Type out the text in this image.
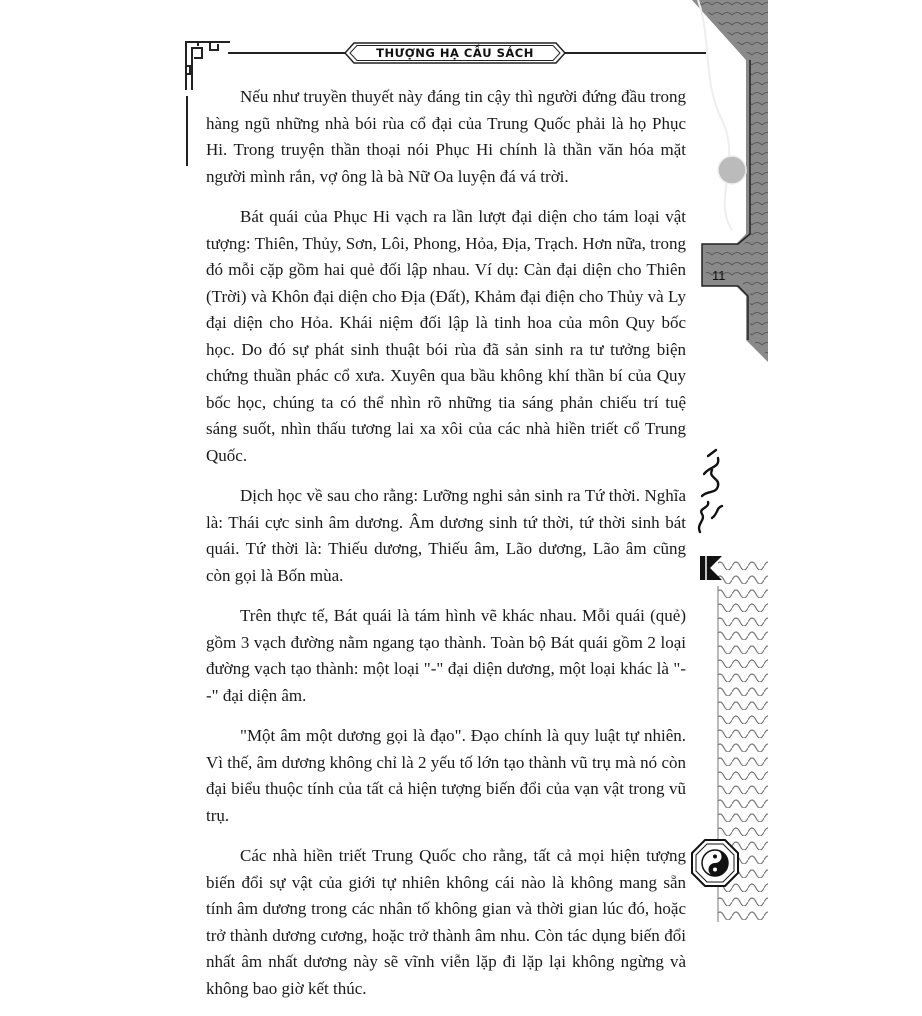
THƯỢNG HẠ CẦU SÁCH

Nếu như truyền thuyết này đáng tin cậy thì người đứng đầu trong hàng ngũ những nhà bói rùa cổ đại của Trung Quốc phải là họ Phục Hi. Trong truyện thần thoại nói Phục Hi chính là thần văn hóa mặt người mình rắn, vợ ông là bà Nữ Oa luyện đá vá trời.

Bát quái của Phục Hi vạch ra lần lượt đại diện cho tám loại vật tượng: Thiên, Thủy, Sơn, Lôi, Phong, Hỏa, Địa, Trạch. Hơn nữa, trong đó mỗi cặp gồm hai quẻ đối lập nhau. Ví dụ: Càn đại diện cho Thiên (Trời) và Khôn đại diện cho Địa (Đất), Khảm đại điện cho Thủy và Ly đại diện cho Hỏa. Khái niệm đối lập là tinh hoa của môn Quy bốc học. Do đó sự phát sinh thuật bói rùa đã sản sinh ra tư tưởng biện chứng thuần phác cổ xưa. Xuyên qua bầu không khí thần bí của Quy bốc học, chúng ta có thể nhìn rõ những tia sáng phản chiếu trí tuệ sáng suốt, nhìn thấu tương lai xa xôi của các nhà hiền triết cổ Trung Quốc.

Dịch học về sau cho rằng: Lưỡng nghi sản sinh ra Tứ thời. Nghĩa là: Thái cực sinh âm dương. Âm dương sinh tứ thời, tứ thời sinh bát quái. Tứ thời là: Thiếu dương, Thiếu âm, Lão dương, Lão âm cũng còn gọi là Bốn mùa.

Trên thực tế, Bát quái là tám hình vẽ khác nhau. Mỗi quái (quẻ) gồm 3 vạch đường nằm ngang tạo thành. Toàn bộ Bát quái gồm 2 loại đường vạch tạo thành: một loại "-" đại diện dương, một loại khác là "- -" đại diện âm.

"Một âm một dương gọi là đạo". Đạo chính là quy luật tự nhiên. Vì thế, âm dương không chỉ là 2 yếu tố lớn tạo thành vũ trụ mà nó còn đại biểu thuộc tính của tất cả hiện tượng biến đổi của vạn vật trong vũ trụ.

Các nhà hiền triết Trung Quốc cho rằng, tất cả mọi hiện tượng biến đổi sự vật của giới tự nhiên không cái nào là không mang sẵn tính âm dương trong các nhân tố không gian và thời gian lúc đó, hoặc trở thành dương cương, hoặc trở thành âm nhu. Còn tác dụng biến đổi nhất âm nhất dương này sẽ vĩnh viễn lặp đi lặp lại không ngừng và không bao giờ kết thúc.

11
